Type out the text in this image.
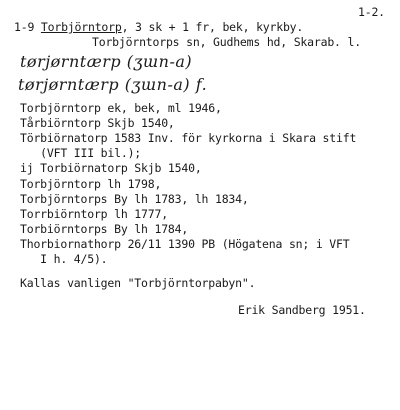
1-2.
1-9 Torbjörntorp, 3 sk + 1 fr, bek, kyrkby.
Torbjörntorps sn, Gudhems hd, Skarab. l.
tørjørntærp (ʒɯn-a)
tørjørntærp (ʒɯn-a) f.
Torbjörntorp ek, bek, ml 1946,
Tårbiörntorp Skjb 1540,
Törbiörnatorp 1583 Inv. för kyrkorna i Skara stift
(VFT III bil.);
ij Torbiörnatorp Skjb 1540,
Torbjörntorp lh 1798,
Torbjörntorps By lh 1783, lh 1834,
Torrbiörntorp lh 1777,
Torbiörntorps By lh 1784,
Thorbiornathorp 26/11 1390 PB (Högatena sn; i VFT
I h. 4/5).
Kallas vanligen "Torbjörntorpabyn".
Erik Sandberg 1951.
